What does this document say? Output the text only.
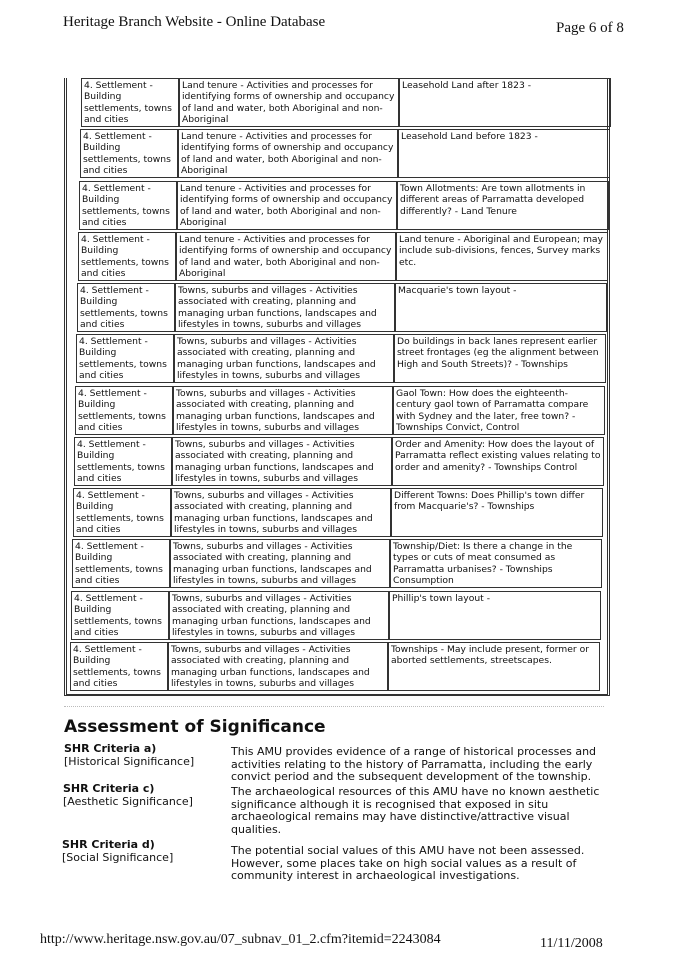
Heritage Branch Website - Online Database	Page 6 of 8
4. Settlement - Building settlements, towns and cities
Land tenure - Activities and processes for identifying forms of ownership and occupancy of land and water, both Aboriginal and non-Aboriginal
Leasehold Land after 1823 -
4. Settlement - Building settlements, towns and cities
Land tenure - Activities and processes for identifying forms of ownership and occupancy of land and water, both Aboriginal and non-Aboriginal
Leasehold Land before 1823 -
4. Settlement - Building settlements, towns and cities
Land tenure - Activities and processes for identifying forms of ownership and occupancy of land and water, both Aboriginal and non-Aboriginal
Town Allotments: Are town allotments in different areas of Parramatta developed differently? - Land Tenure
4. Settlement - Building settlements, towns and cities
Land tenure - Activities and processes for identifying forms of ownership and occupancy of land and water, both Aboriginal and non-Aboriginal
Land tenure - Aboriginal and European; may include sub-divisions, fences, Survey marks etc.
4. Settlement - Building settlements, towns and cities
Towns, suburbs and villages - Activities associated with creating, planning and managing urban functions, landscapes and lifestyles in towns, suburbs and villages
Macquarie's town layout -
4. Settlement - Building settlements, towns and cities
Towns, suburbs and villages - Activities associated with creating, planning and managing urban functions, landscapes and lifestyles in towns, suburbs and villages
Do buildings in back lanes represent earlier street frontages (eg the alignment between High and South Streets)? - Townships
4. Settlement - Building settlements, towns and cities
Towns, suburbs and villages - Activities associated with creating, planning and managing urban functions, landscapes and lifestyles in towns, suburbs and villages
Gaol Town: How does the eighteenth-century gaol town of Parramatta compare with Sydney and the later, free town? - Townships Convict, Control
4. Settlement - Building settlements, towns and cities
Towns, suburbs and villages - Activities associated with creating, planning and managing urban functions, landscapes and lifestyles in towns, suburbs and villages
Order and Amenity: How does the layout of Parramatta reflect existing values relating to order and amenity? - Townships Control
4. Settlement - Building settlements, towns and cities
Towns, suburbs and villages - Activities associated with creating, planning and managing urban functions, landscapes and lifestyles in towns, suburbs and villages
Different Towns: Does Phillip's town differ from Macquarie's? - Townships
4. Settlement - Building settlements, towns and cities
Towns, suburbs and villages - Activities associated with creating, planning and managing urban functions, landscapes and lifestyles in towns, suburbs and villages
Township/Diet: Is there a change in the types or cuts of meat consumed as Parramatta urbanises? - Townships Consumption
4. Settlement - Building settlements, towns and cities
Towns, suburbs and villages - Activities associated with creating, planning and managing urban functions, landscapes and lifestyles in towns, suburbs and villages
Phillip's town layout -
4. Settlement - Building settlements, towns and cities
Towns, suburbs and villages - Activities associated with creating, planning and managing urban functions, landscapes and lifestyles in towns, suburbs and villages
Townships - May include present, former or aborted settlements, streetscapes.
Assessment of Significance
SHR Criteria a)
[Historical Significance]
This AMU provides evidence of a range of historical processes and activities relating to the history of Parramatta, including the early convict period and the subsequent development of the township.
SHR Criteria c)
[Aesthetic Significance]
The archaeological resources of this AMU have no known aesthetic significance although it is recognised that exposed in situ archaeological remains may have distinctive/attractive visual qualities.
SHR Criteria d)
[Social Significance]
The potential social values of this AMU have not been assessed. However, some places take on high social values as a result of community interest in archaeological investigations.
http://www.heritage.nsw.gov.au/07_subnav_01_2.cfm?itemid=2243084	11/11/2008
